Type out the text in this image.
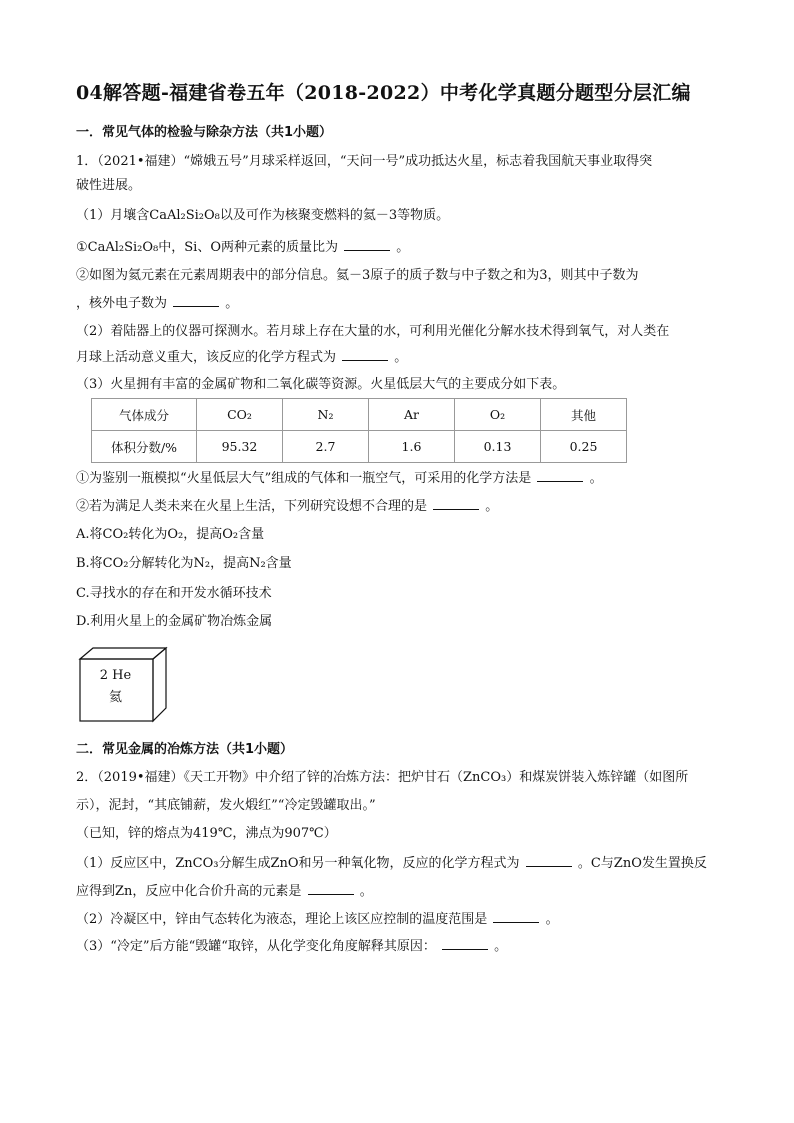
04解答题-福建省卷五年（2018-2022）中考化学真题分题型分层汇编
一．常见气体的检验与除杂方法（共1小题）
1．（2021•福建）“嫦娥五号”月球采样返回，“天问一号”成功抵达火星，标志着我国航天事业取得突
破性进展。
（1）月壤含CaAl₂Si₂O₈以及可作为核聚变燃料的氦－3等物质。
①CaAl₂Si₂O₈中，Si、O两种元素的质量比为	。
②如图为氦元素在元素周期表中的部分信息。氦－3原子的质子数与中子数之和为3，则其中子数为
，核外电子数为	。
（2）着陆器上的仪器可探测水。若月球上存在大量的水，可利用光催化分解水技术得到氧气，对人类在
月球上活动意义重大，该反应的化学方程式为	。
（3）火星拥有丰富的金属矿物和二氧化碳等资源。火星低层大气的主要成分如下表。
气体成分	CO₂	N₂	Ar	O₂	其他
体积分数/%	95.32	2.7	1.6	0.13	0.25
①为鉴别一瓶模拟“火星低层大气”组成的气体和一瓶空气，可采用的化学方法是	。
②若为满足人类未来在火星上生活，下列研究设想不合理的是	。
A.将CO₂转化为O₂，提高O₂含量
B.将CO₂分解转化为N₂，提高N₂含量
C.寻找水的存在和开发水循环技术
D.利用火星上的金属矿物冶炼金属
2 He
氦
二．常见金属的冶炼方法（共1小题）
2．（2019•福建）《天工开物》中介绍了锌的冶炼方法：把炉甘石（ZnCO₃）和煤炭饼装入炼锌罐（如图所
示），泥封，“其底铺薪，发火煅红”“冷定毁罐取出。”
（已知，锌的熔点为419℃，沸点为907℃）
（1）反应区中，ZnCO₃分解生成ZnO和另一种氧化物，反应的化学方程式为	。C与ZnO发生置换反
应得到Zn，反应中化合价升高的元素是	。
（2）冷凝区中，锌由气态转化为液态，理论上该区应控制的温度范围是	。
（3）“冷定”后方能“毁罐“取锌，从化学变化角度解释其原因：	。
